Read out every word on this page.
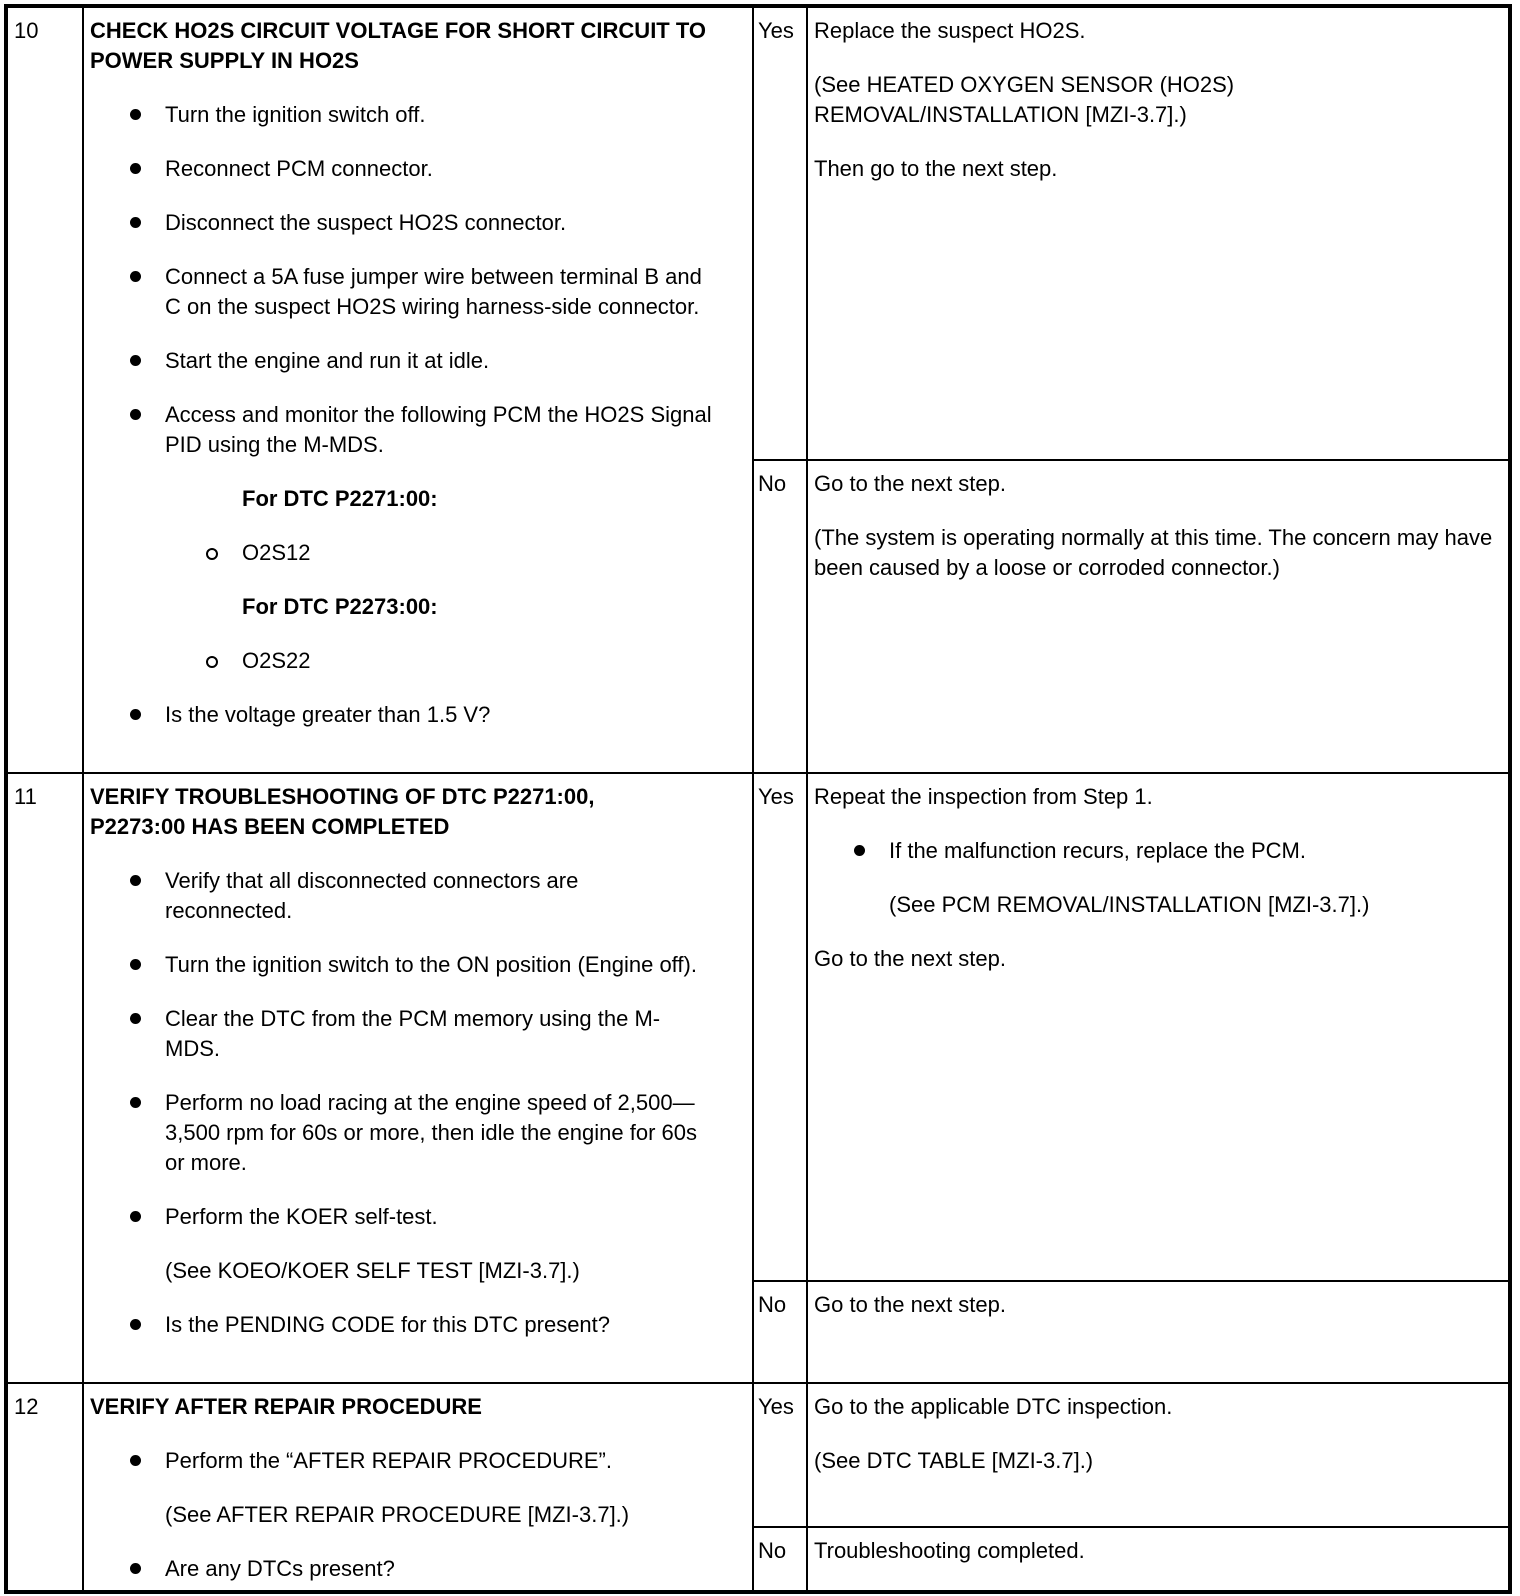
10	CHECK HO2S CIRCUIT VOLTAGE FOR SHORT CIRCUIT TO POWER SUPPLY IN HO2S
Turn the ignition switch off.
Reconnect PCM connector.
Disconnect the suspect HO2S connector.
Connect a 5A fuse jumper wire between terminal B and C on the suspect HO2S wiring harness-side connector.
Start the engine and run it at idle.
Access and monitor the following PCM the HO2S Signal PID using the M-MDS.
For DTC P2271:00:
O2S12
For DTC P2273:00:
O2S22
Is the voltage greater than 1.5 V?
Yes Replace the suspect HO2S.
(See HEATED OXYGEN SENSOR (HO2S) REMOVAL/INSTALLATION [MZI-3.7].)
Then go to the next step.
No	Go to the next step.
(The system is operating normally at this time. The concern may have been caused by a loose or corroded connector.)
11	VERIFY TROUBLESHOOTING OF DTC P2271:00, P2273:00 HAS BEEN COMPLETED
Verify that all disconnected connectors are reconnected.
Turn the ignition switch to the ON position (Engine off).
Clear the DTC from the PCM memory using the M-MDS.
Perform no load racing at the engine speed of 2,500—3,500 rpm for 60s or more, then idle the engine for 60s or more.
Perform the KOER self-test.
(See KOEO/KOER SELF TEST [MZI-3.7].)
Is the PENDING CODE for this DTC present?
Yes Repeat the inspection from Step 1.
If the malfunction recurs, replace the PCM.
(See PCM REMOVAL/INSTALLATION [MZI-3.7].)
Go to the next step.
No	Go to the next step.
12	VERIFY AFTER REPAIR PROCEDURE
Perform the “AFTER REPAIR PROCEDURE”.
(See AFTER REPAIR PROCEDURE [MZI-3.7].)
Are any DTCs present?
Yes Go to the applicable DTC inspection.
(See DTC TABLE [MZI-3.7].)
No	Troubleshooting completed.
